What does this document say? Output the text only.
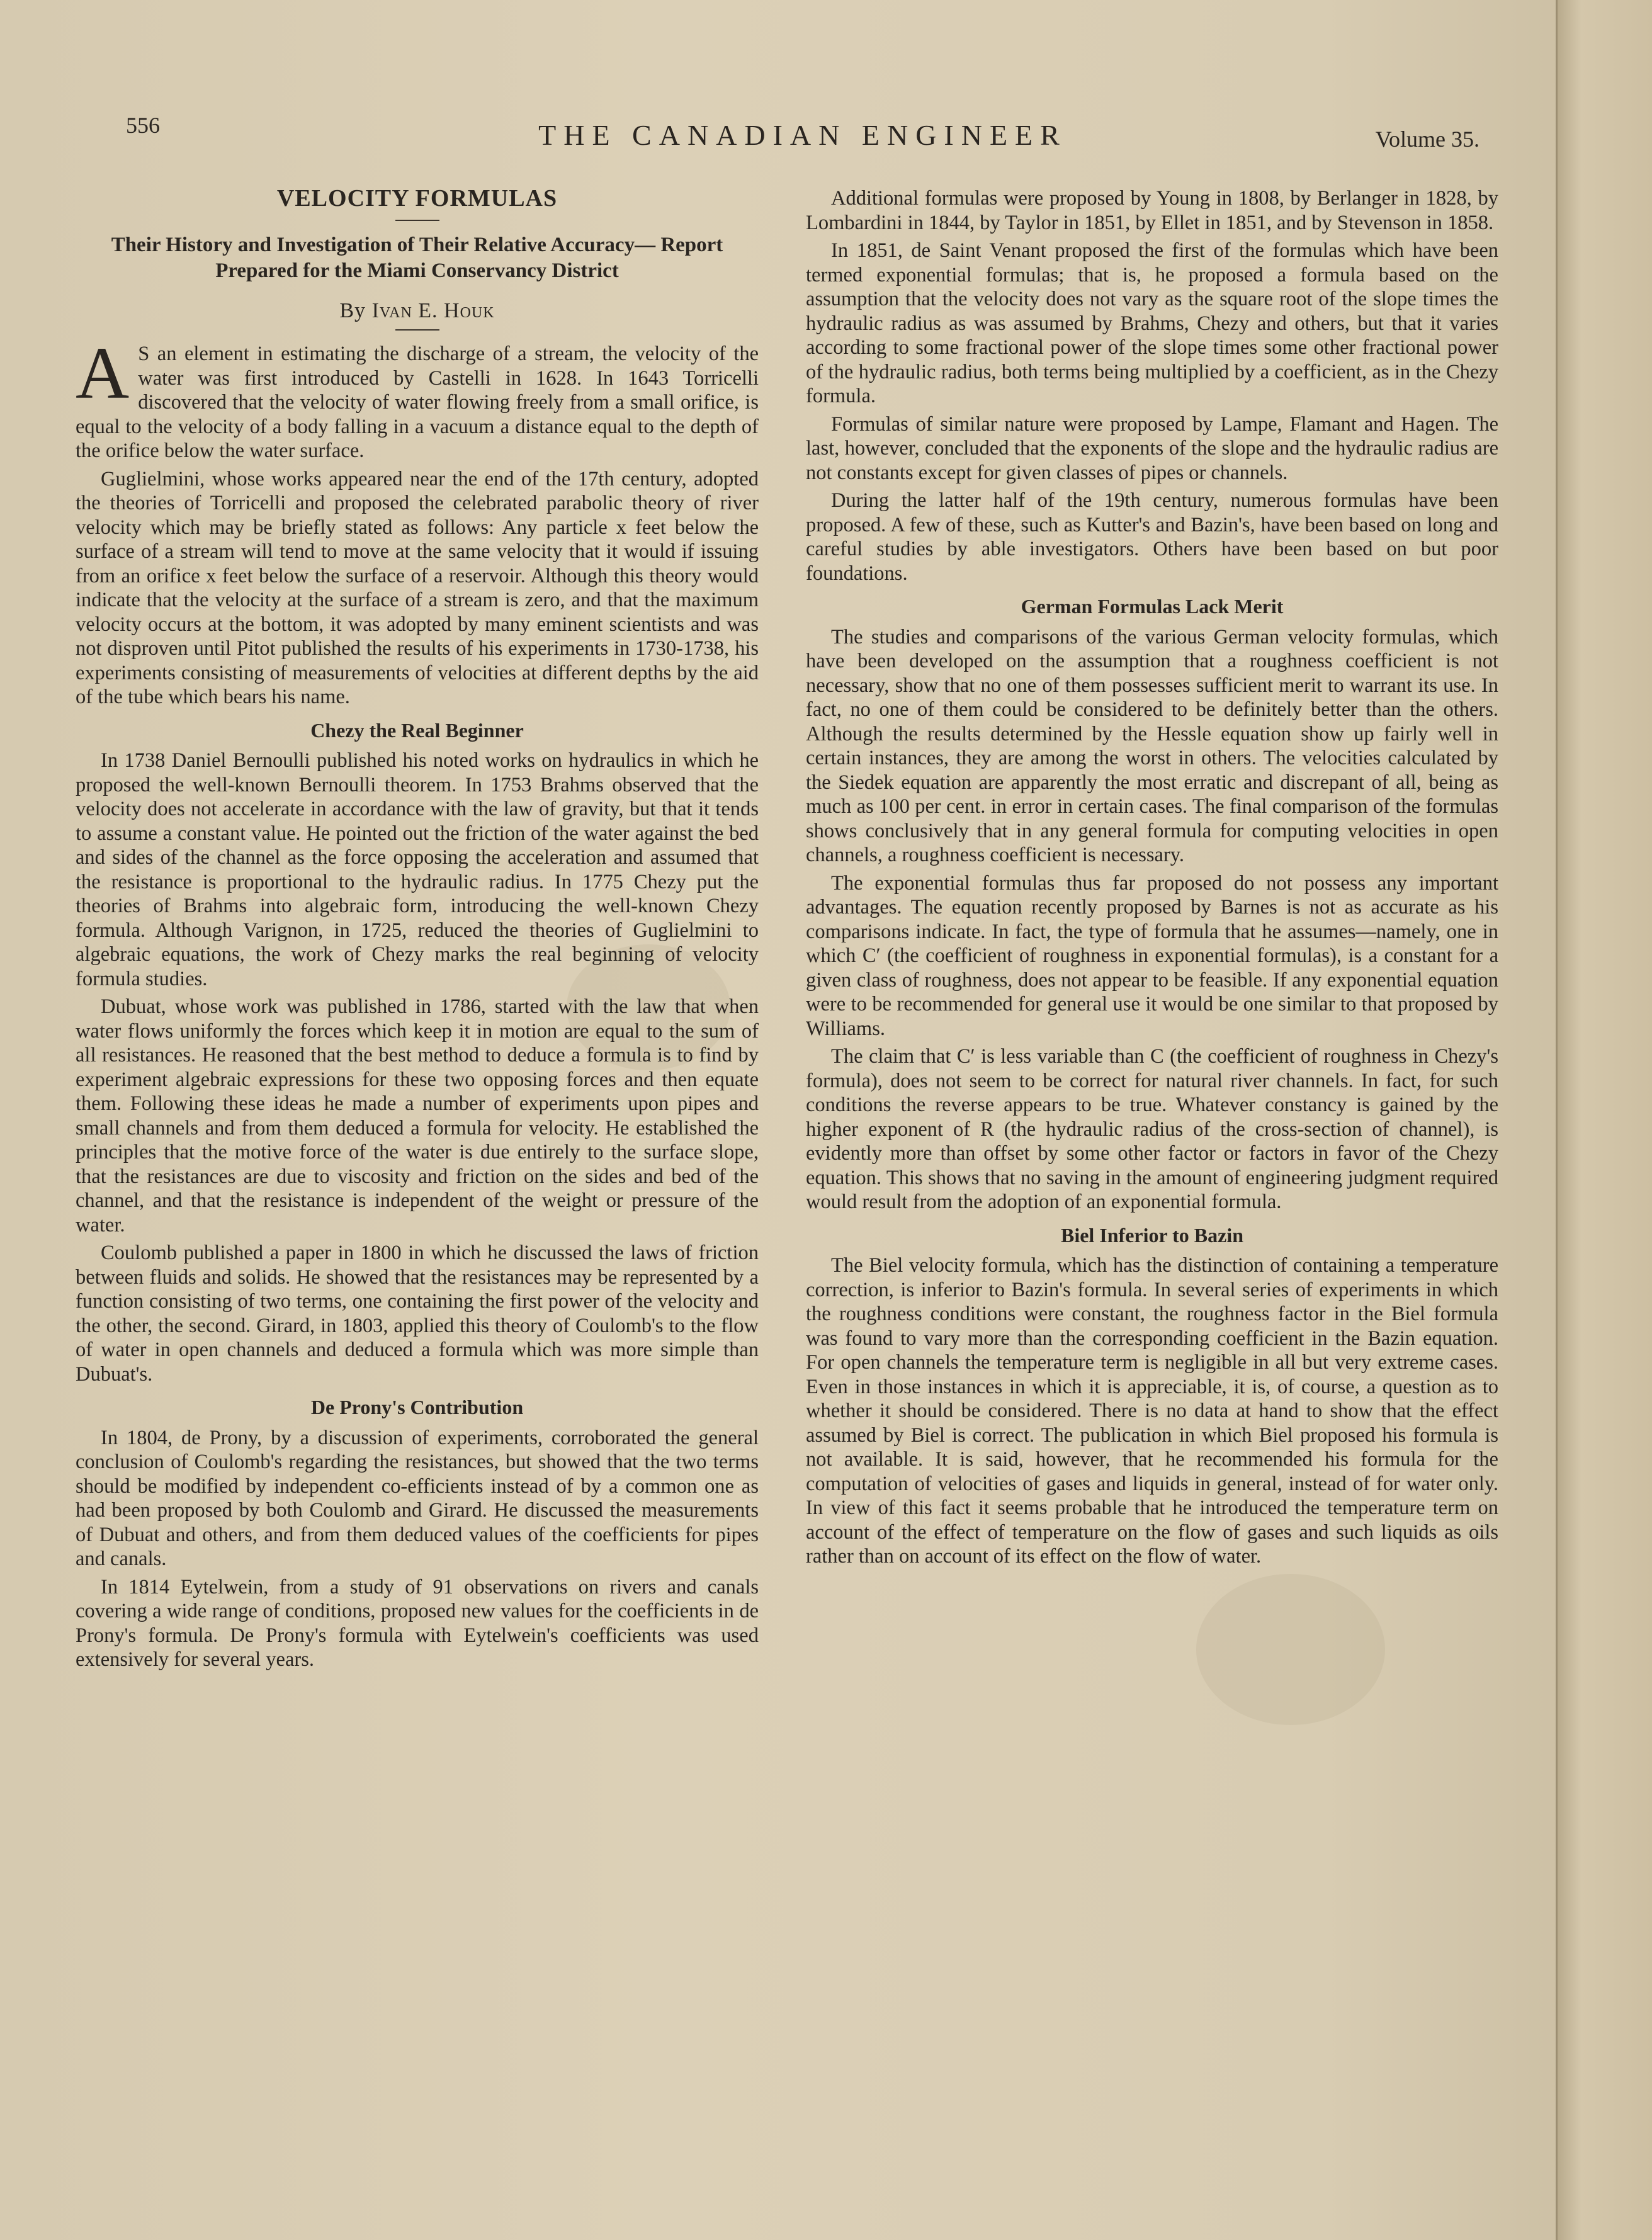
556	THE CANADIAN ENGINEER	Volume 35.
VELOCITY FORMULAS
Their History and Investigation of Their Relative Accuracy— Report Prepared for the Miami Conservancy District
By Ivan E. Houk

A S an element in estimating the discharge of a stream, the velocity of the water was first introduced by Castelli in 1628. In 1643 Torricelli discovered that the velocity of water flowing freely from a small orifice, is equal to the velocity of a body falling in a vacuum a distance equal to the depth of the orifice below the water surface.

Guglielmini, whose works appeared near the end of the 17th century, adopted the theories of Torricelli and proposed the celebrated parabolic theory of river velocity which may be briefly stated as follows: Any particle x feet below the surface of a stream will tend to move at the same velocity that it would if issuing from an orifice x feet below the surface of a reservoir. Although this theory would indicate that the velocity at the surface of a stream is zero, and that the maximum velocity occurs at the bottom, it was adopted by many eminent scientists and was not disproven until Pitot published the results of his experiments in 1730-1738, his experiments consisting of measurements of velocities at different depths by the aid of the tube which bears his name.

Chezy the Real Beginner

In 1738 Daniel Bernoulli published his noted works on hydraulics in which he proposed the well-known Bernoulli theorem. In 1753 Brahms observed that the velocity does not accelerate in accordance with the law of gravity, but that it tends to assume a constant value. He pointed out the friction of the water against the bed and sides of the channel as the force opposing the acceleration and assumed that the resistance is proportional to the hydraulic radius. In 1775 Chezy put the theories of Brahms into algebraic form, introducing the well-known Chezy formula. Although Varignon, in 1725, reduced the theories of Guglielmini to algebraic equations, the work of Chezy marks the real beginning of velocity formula studies.

Dubuat, whose work was published in 1786, started with the law that when water flows uniformly the forces which keep it in motion are equal to the sum of all resistances. He reasoned that the best method to deduce a formula is to find by experiment algebraic expressions for these two opposing forces and then equate them. Following these ideas he made a number of experiments upon pipes and small channels and from them deduced a formula for velocity. He established the principles that the motive force of the water is due entirely to the surface slope, that the resistances are due to viscosity and friction on the sides and bed of the channel, and that the resistance is independent of the weight or pressure of the water.

Coulomb published a paper in 1800 in which he discussed the laws of friction between fluids and solids. He showed that the resistances may be represented by a function consisting of two terms, one containing the first power of the velocity and the other, the second. Girard, in 1803, applied this theory of Coulomb's to the flow of water in open channels and deduced a formula which was more simple than Dubuat's.

De Prony's Contribution

In 1804, de Prony, by a discussion of experiments, corroborated the general conclusion of Coulomb's regarding the resistances, but showed that the two terms should be modified by independent co-efficients instead of by a common one as had been proposed by both Coulomb and Girard. He discussed the measurements of Dubuat and others, and from them deduced values of the coefficients for pipes and canals.

In 1814 Eytelwein, from a study of 91 observations on rivers and canals covering a wide range of conditions, proposed new values for the coefficients in de Prony's formula. De Prony's formula with Eytelwein's coefficients was used extensively for several years.

Additional formulas were proposed by Young in 1808, by Berlanger in 1828, by Lombardini in 1844, by Taylor in 1851, by Ellet in 1851, and by Stevenson in 1858.

In 1851, de Saint Venant proposed the first of the formulas which have been termed exponential formulas; that is, he proposed a formula based on the assumption that the velocity does not vary as the square root of the slope times the hydraulic radius as was assumed by Brahms, Chezy and others, but that it varies according to some fractional power of the slope times some other fractional power of the hydraulic radius, both terms being multiplied by a coefficient, as in the Chezy formula.

Formulas of similar nature were proposed by Lampe, Flamant and Hagen. The last, however, concluded that the exponents of the slope and the hydraulic radius are not constants except for given classes of pipes or channels.

During the latter half of the 19th century, numerous formulas have been proposed. A few of these, such as Kutter's and Bazin's, have been based on long and careful studies by able investigators. Others have been based on but poor foundations.

German Formulas Lack Merit

The studies and comparisons of the various German velocity formulas, which have been developed on the assumption that a roughness coefficient is not necessary, show that no one of them possesses sufficient merit to warrant its use. In fact, no one of them could be considered to be definitely better than the others. Although the results determined by the Hessle equation show up fairly well in certain instances, they are among the worst in others. The velocities calculated by the Siedek equation are apparently the most erratic and discrepant of all, being as much as 100 per cent. in error in certain cases. The final comparison of the formulas shows conclusively that in any general formula for computing velocities in open channels, a roughness coefficient is necessary.

The exponential formulas thus far proposed do not possess any important advantages. The equation recently proposed by Barnes is not as accurate as his comparisons indicate. In fact, the type of formula that he assumes—namely, one in which C′ (the coefficient of roughness in exponential formulas), is a constant for a given class of roughness, does not appear to be feasible. If any exponential equation were to be recommended for general use it would be one similar to that proposed by Williams.

The claim that C′ is less variable than C (the coefficient of roughness in Chezy's formula), does not seem to be correct for natural river channels. In fact, for such conditions the reverse appears to be true. Whatever constancy is gained by the higher exponent of R (the hydraulic radius of the cross-section of channel), is evidently more than offset by some other factor or factors in favor of the Chezy equation. This shows that no saving in the amount of engineering judgment required would result from the adoption of an exponential formula.

Biel Inferior to Bazin

The Biel velocity formula, which has the distinction of containing a temperature correction, is inferior to Bazin's formula. In several series of experiments in which the roughness conditions were constant, the roughness factor in the Biel formula was found to vary more than the corresponding coefficient in the Bazin equation. For open channels the temperature term is negligible in all but very extreme cases. Even in those instances in which it is appreciable, it is, of course, a question as to whether it should be considered. There is no data at hand to show that the effect assumed by Biel is correct. The publication in which Biel proposed his formula is not available. It is said, however, that he recommended his formula for the computation of velocities of gases and liquids in general, instead of for water only. In view of this fact it seems probable that he introduced the temperature term on account of the effect of temperature on the flow of gases and such liquids as oils rather than on account of its effect on the flow of water.
